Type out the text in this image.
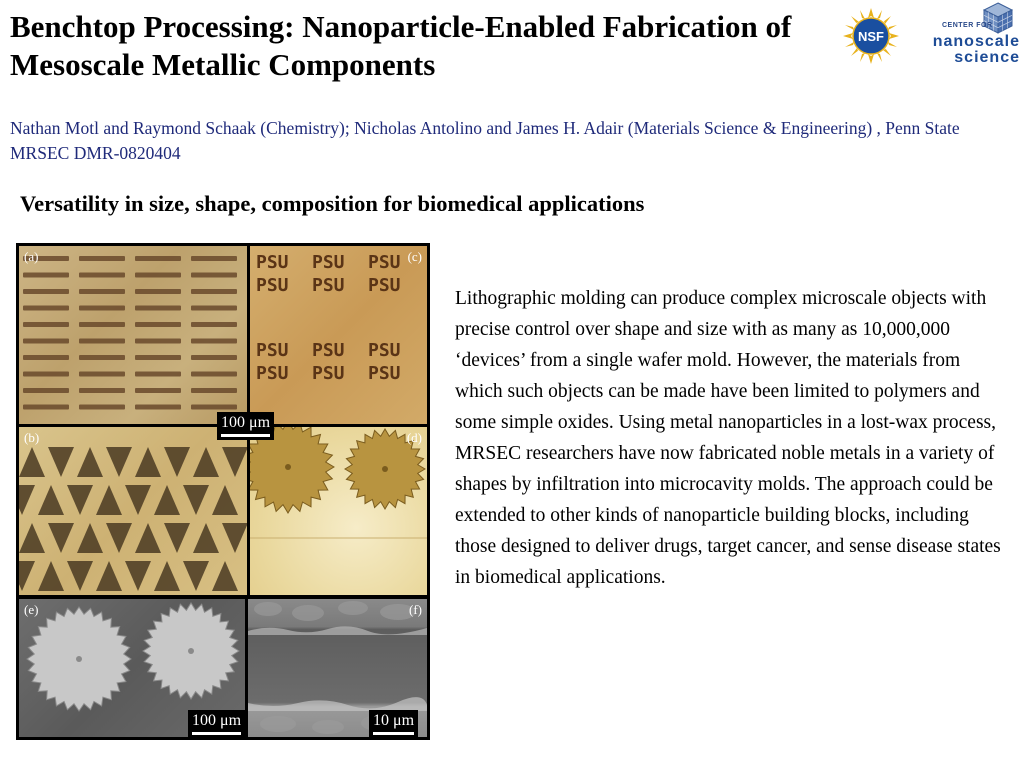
Benchtop Processing: Nanoparticle-Enabled Fabrication of Mesoscale Metallic Components
NSF
CENTER FOR
nanoscale
science

Nathan Motl and Raymond Schaak (Chemistry); Nicholas Antolino and James H. Adair (Materials Science & Engineering) , Penn State MRSEC DMR-0820404

Versatility in size, shape, composition for biomedical applications
(a)	PSU PSU PSU
PSU PSU PSU
PSU PSU PSU
PSU PSU PSU
(c)
(b)	(d)
(e)	(f)
100 μm
100 μm	10 μm

Lithographic molding can produce complex microscale objects with precise control over shape and size with as many as 10,000,000 ‘devices’ from a single wafer mold. However, the materials from which such objects can be made have been limited to polymers and some simple oxides. Using metal nanoparticles in a lost-wax process, MRSEC researchers have now fabricated noble metals in a variety of shapes by infiltration into microcavity molds. The approach could be extended to other kinds of nanoparticle building blocks, including those designed to deliver drugs, target cancer, and sense disease states in biomedical applications.
